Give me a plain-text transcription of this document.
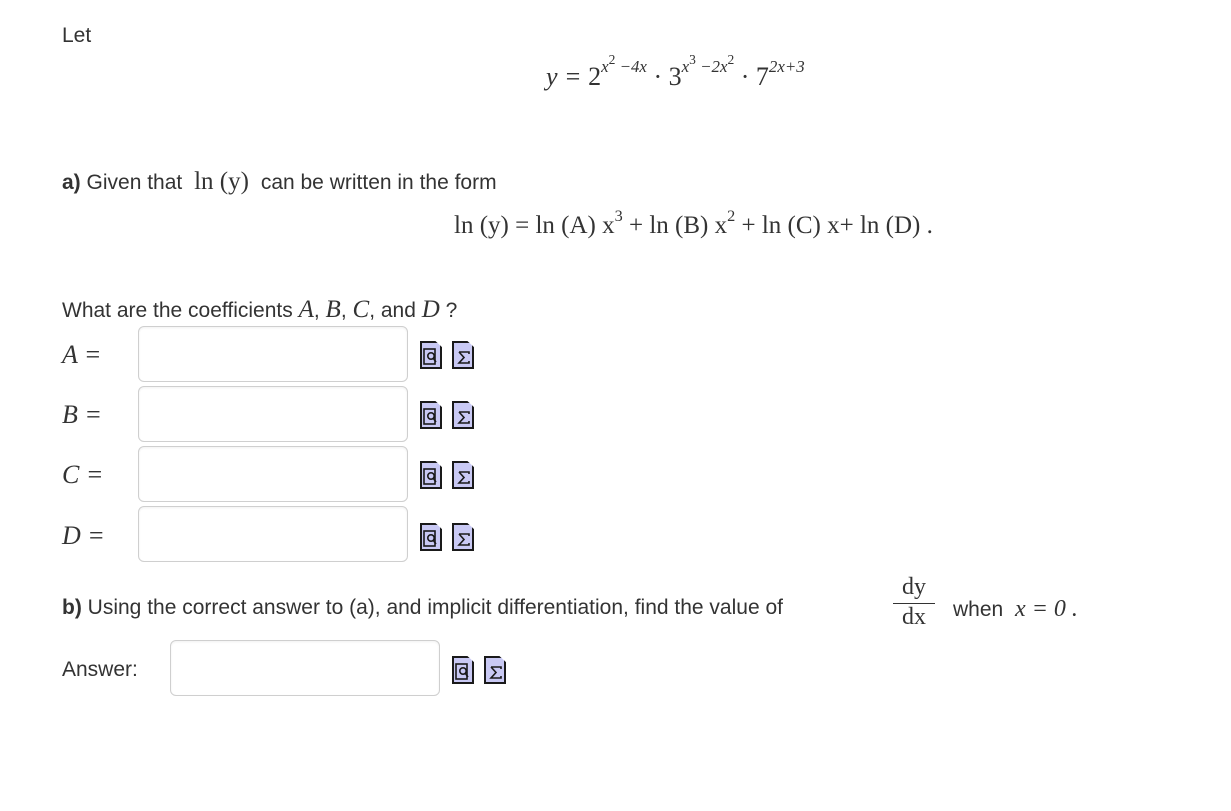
Let
$y = 2^{x^2 -4x} \cdot 3^{x^3 -2x^2} \cdot 7^{2x+3}$
a) Given that ln (y) can be written in the form
ln (y) = ln (A) $x^3 + \ln (B) x^2 + \ln (C)$ x+ ln (D) .
What are the coefficients A, B, C, and D ?
A =
B =
C =
D =
b) Using the correct answer to (a), and implicit differentiation, find the value of
dy
dx	when x = 0 .
Answer:
